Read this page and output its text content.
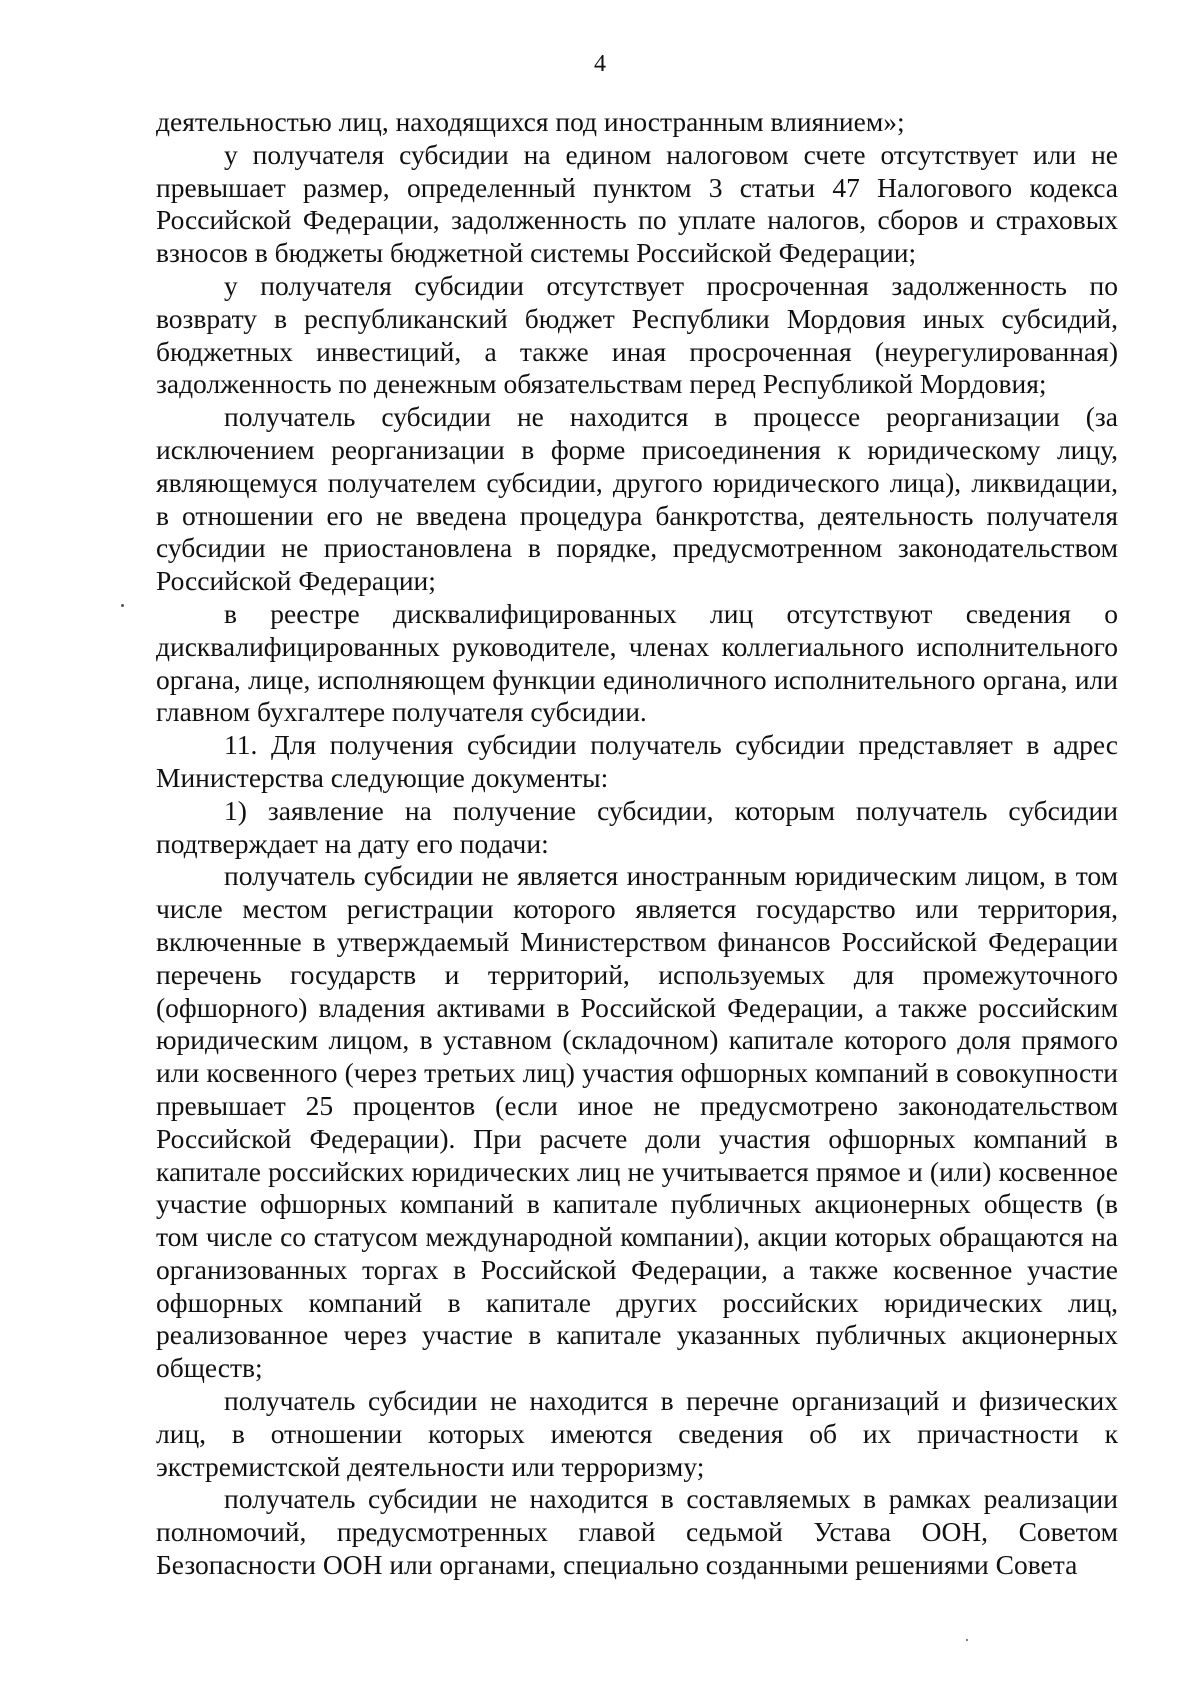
4

деятельностью лиц, находящихся под иностранным влиянием»;

у получателя субсидии на едином налоговом счете отсутствует или не превышает размер, определенный пунктом 3 статьи 47 Налогового кодекса Российской Федерации, задолженность по уплате налогов, сборов и страховых взносов в бюджеты бюджетной системы Российской Федерации;

у получателя субсидии отсутствует просроченная задолженность по возврату в республиканский бюджет Республики Мордовия иных субсидий, бюджетных инвестиций, а также иная просроченная (неурегулированная) задолженность по денежным обязательствам перед Республикой Мордовия;

получатель субсидии не находится в процессе реорганизации (за исключением реорганизации в форме присоединения к юридическому лицу, являющемуся получателем субсидии, другого юридического лица), ликвидации, в отношении его не введена процедура банкротства, деятельность получателя субсидии не приостановлена в порядке, предусмотренном законодательством Российской Федерации;

в реестре дисквалифицированных лиц отсутствуют сведения о дисквалифицированных руководителе, членах коллегиального исполнительного органа, лице, исполняющем функции единоличного исполнительного органа, или главном бухгалтере получателя субсидии.

11. Для получения субсидии получатель субсидии представляет в адрес Министерства следующие документы:

1) заявление на получение субсидии, которым получатель субсидии подтверждает на дату его подачи:

получатель субсидии не является иностранным юридическим лицом, в том числе местом регистрации которого является государство или территория, включенные в утверждаемый Министерством финансов Российской Федерации перечень государств и территорий, используемых для промежуточного (офшорного) владения активами в Российской Федерации, а также российским юридическим лицом, в уставном (складочном) капитале которого доля прямого или косвенного (через третьих лиц) участия офшорных компаний в совокупности превышает 25 процентов (если иное не предусмотрено законодательством Российской Федерации). При расчете доли участия офшорных компаний в капитале российских юридических лиц не учитывается прямое и (или) косвенное участие офшорных компаний в капитале публичных акционерных обществ (в том числе со статусом международной компании), акции которых обращаются на организованных торгах в Российской Федерации, а также косвенное участие офшорных компаний в капитале других российских юридических лиц, реализованное через участие в капитале указанных публичных акционерных обществ;

получатель субсидии не находится в перечне организаций и физических лиц, в отношении которых имеются сведения об их причастности к экстремистской деятельности или терроризму;

получатель субсидии не находится в составляемых в рамках реализации полномочий, предусмотренных главой седьмой Устава ООН, Советом Безопасности ООН или органами, специально созданными решениями Совета
